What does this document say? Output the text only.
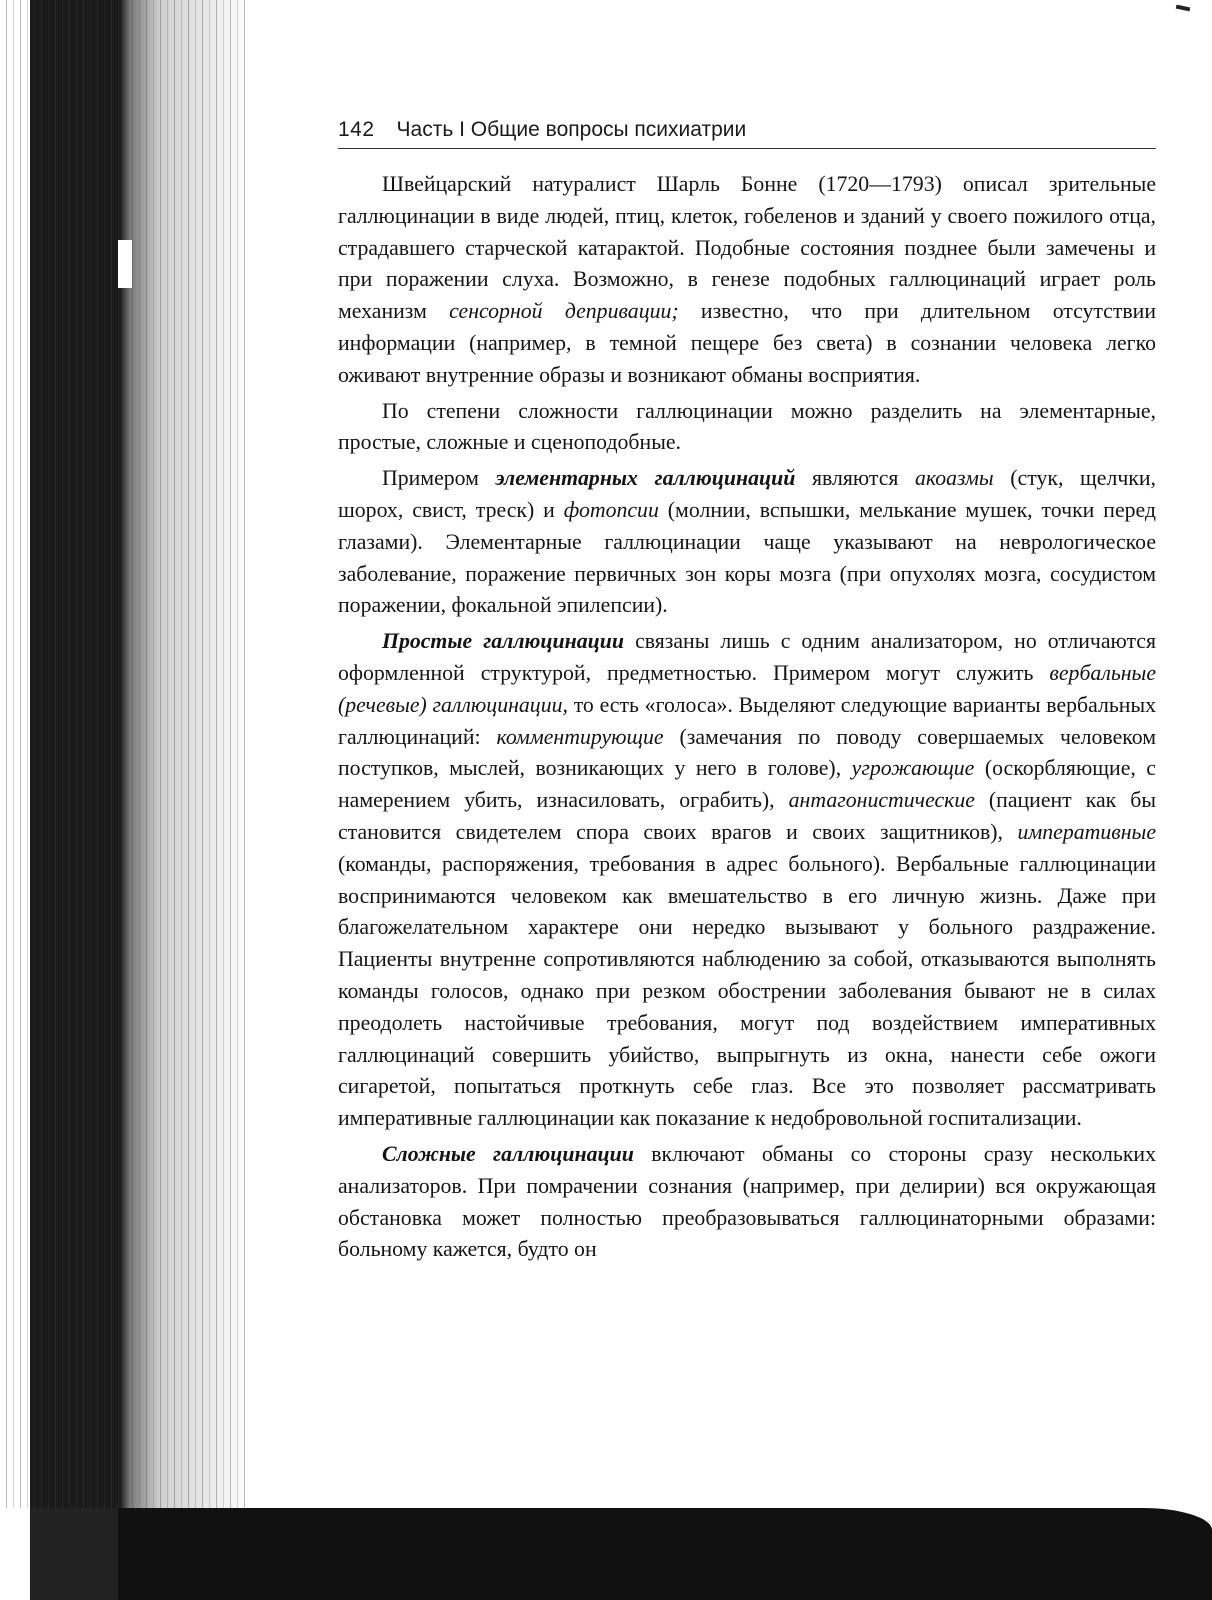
142 Часть I Общие вопросы психиатрии

Швейцарский натуралист Шарль Бонне (1720—1793) описал зрительные галлюцинации в виде людей, птиц, клеток, гобеленов и зданий у своего пожилого отца, страдавшего старческой катарактой. Подобные состояния позднее были замечены и при поражении слуха. Возможно, в генезе подобных галлюцинаций играет роль механизм сенсорной депривации; известно, что при длительном отсутствии информации (например, в темной пещере без света) в сознании человека легко оживают внутренние образы и возникают обманы восприятия.

По степени сложности галлюцинации можно разделить на элементарные, простые, сложные и сценоподобные.

Примером элементарных галлюцинаций являются акоазмы (стук, щелчки, шорох, свист, треск) и фотопсии (молнии, вспышки, мелькание мушек, точки перед глазами). Элементарные галлюцинации чаще указывают на неврологическое заболевание, поражение первичных зон коры мозга (при опухолях мозга, сосудистом поражении, фокальной эпилепсии).

Простые галлюцинации связаны лишь с одним анализатором, но отличаются оформленной структурой, предметностью. Примером могут служить вербальные (речевые) галлюцинации, то есть «голоса». Выделяют следующие варианты вербальных галлюцинаций: комментирующие (замечания по поводу совершаемых человеком поступков, мыслей, возникающих у него в голове), угрожающие (оскорбляющие, с намерением убить, изнасиловать, ограбить), антагонистические (пациент как бы становится свидетелем спора своих врагов и своих защитников), императивные (команды, распоряжения, требования в адрес больного). Вербальные галлюцинации воспринимаются человеком как вмешательство в его личную жизнь. Даже при благожелательном характере они нередко вызывают у больного раздражение. Пациенты внутренне сопротивляются наблюдению за собой, отказываются выполнять команды голосов, однако при резком обострении заболевания бывают не в силах преодолеть настойчивые требования, могут под воздействием императивных галлюцинаций совершить убийство, выпрыгнуть из окна, нанести себе ожоги сигаретой, попытаться проткнуть себе глаз. Все это позволяет рассматривать императивные галлюцинации как показание к недобровольной госпитализации.

Сложные галлюцинации включают обманы со стороны сразу нескольких анализаторов. При помрачении сознания (например, при делирии) вся окружающая обстановка может полностью преобразовываться галлюцинаторными образами: больному кажется, будто он
